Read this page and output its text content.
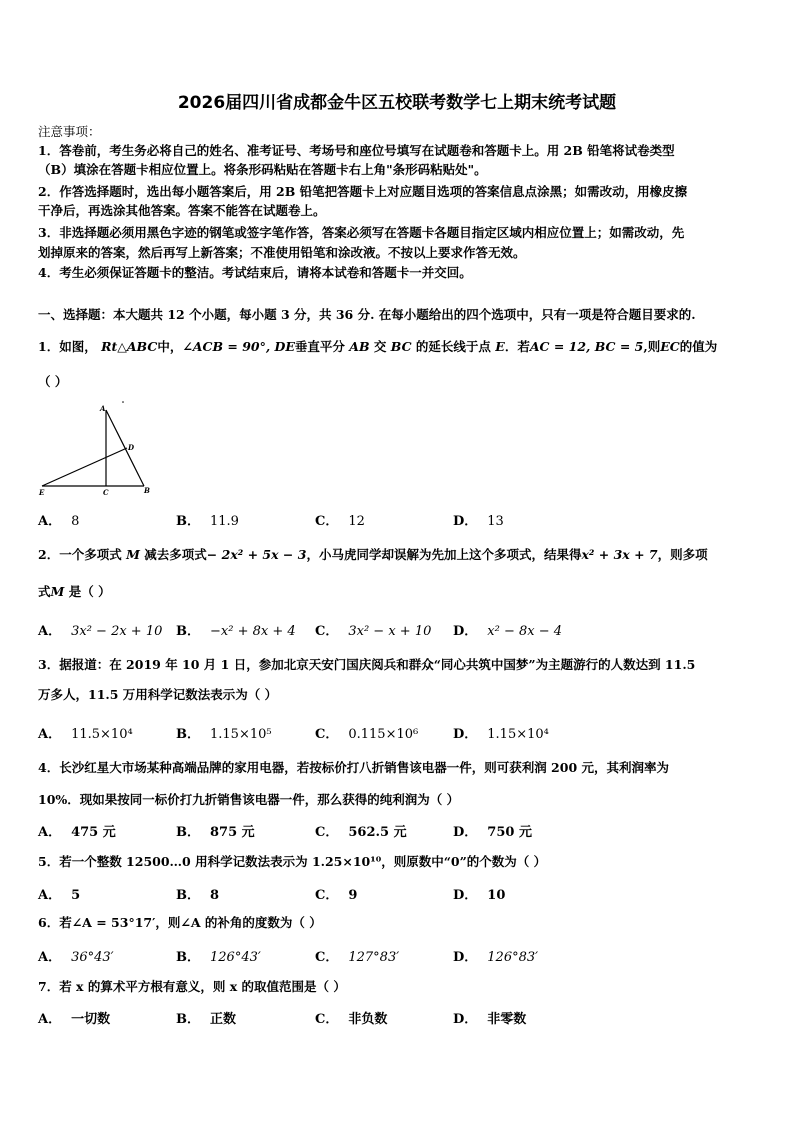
2026届四川省成都金牛区五校联考数学七上期末统考试题
注意事项：
1．答卷前，考生务必将自己的姓名、准考证号、考场号和座位号填写在试题卷和答题卡上。用 2B 铅笔将试卷类型
（B）填涂在答题卡相应位置上。将条形码粘贴在答题卡右上角"条形码粘贴处"。
2．作答选择题时，选出每小题答案后，用 2B 铅笔把答题卡上对应题目选项的答案信息点涂黑；如需改动，用橡皮擦
干净后，再选涂其他答案。答案不能答在试题卷上。
3．非选择题必须用黑色字迹的钢笔或签字笔作答，答案必须写在答题卡各题目指定区域内相应位置上；如需改动，先
划掉原来的答案，然后再写上新答案；不准使用铅笔和涂改液。不按以上要求作答无效。
4．考生必须保证答题卡的整洁。考试结束后，请将本试卷和答题卡一并交回。
一、选择题：本大题共 12 个小题，每小题 3 分，共 36 分. 在每小题给出的四个选项中，只有一项是符合题目要求的.
1．如图， Rt△ABC中，∠ACB = 90°, DE垂直平分 AB 交 BC 的延长线于点 E．若AC = 12, BC = 5,则EC的值为
（ ）
A
D
E	C	B
A． 8	B． 11.9	C． 12	D． 13
2．一个多项式 M 减去多项式− 2x² + 5x − 3，小马虎同学却误解为先加上这个多项式，结果得x² + 3x + 7，则多项
式M 是（ ）
A． 3x² − 2x + 10 B． −x² + 8x + 4 C． 3x² − x + 10 D． x² − 8x − 4
3．据报道：在 2019 年 10 月 1 日，参加北京天安门国庆阅兵和群众“同心共筑中国梦”为主题游行的人数达到 11.5
万多人，11.5 万用科学记数法表示为（ ）
A． 11.5×10⁴	B． 1.15×10⁵	C． 0.115×10⁶	D． 1.15×10⁴
4．长沙红星大市场某种高端品牌的家用电器，若按标价打八折销售该电器一件，则可获利润 200 元，其利润率为
10%．现如果按同一标价打九折销售该电器一件，那么获得的纯利润为（ ）
A． 475 元	B． 875 元	C． 562.5 元	D． 750 元
5．若一个整数 12500…0 用科学记数法表示为 1.25×10¹⁰，则原数中“0”的个数为（ ）
A． 5	B． 8	C． 9	D． 10
6．若∠A = 53°17′，则∠A 的补角的度数为（ ）
A． 36°43′	B． 126°43′	C． 127°83′	D． 126°83′
7．若 x 的算术平方根有意义，则 x 的取值范围是（ ）
A． 一切数	B． 正数	C． 非负数	D． 非零数
